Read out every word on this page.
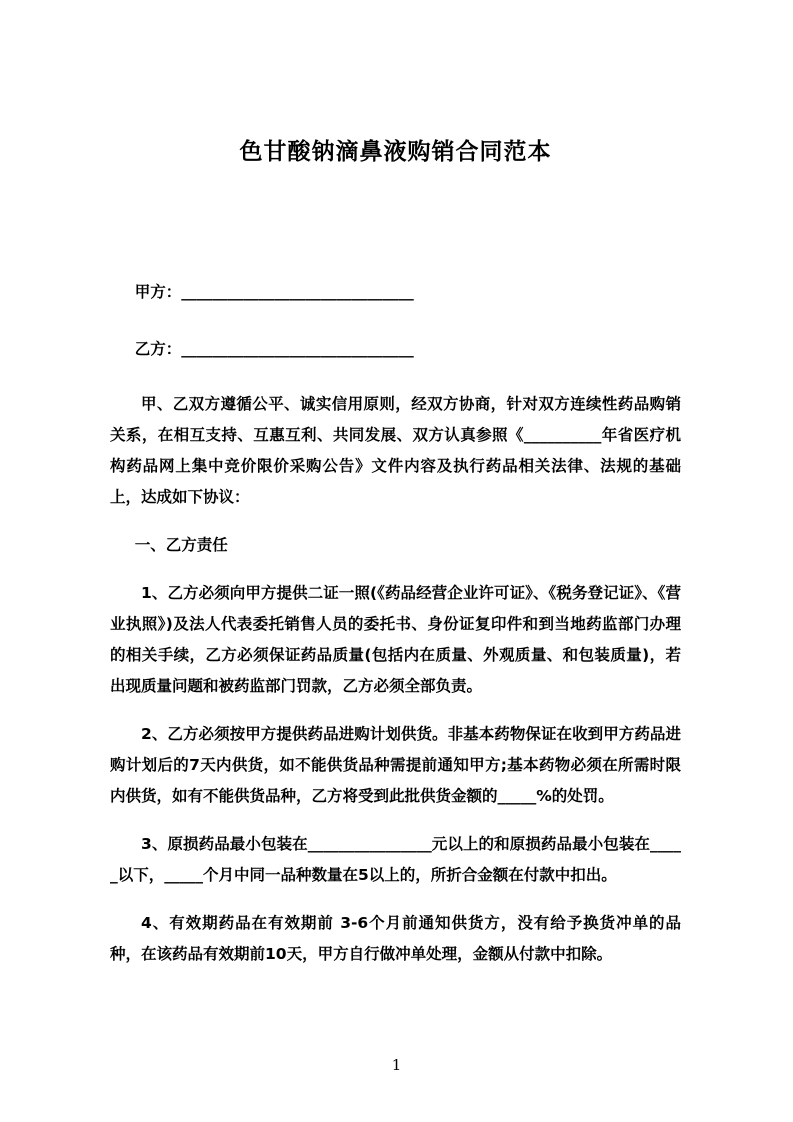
色甘酸钠滴鼻液购销合同范本

甲方：______________________________

乙方：______________________________

甲、乙双方遵循公平、诚实信用原则，经双方协商，针对双方连续性药品购销关系，在相互支持、互惠互利、共同发展、双方认真参照《__________年省医疗机构药品网上集中竞价限价采购公告》文件内容及执行药品相关法律、法规的基础上，达成如下协议：

一、乙方责任

1、乙方必须向甲方提供二证一照(《药品经营企业许可证》、《税务登记证》、《营业执照》)及法人代表委托销售人员的委托书、身份证复印件和到当地药监部门办理的相关手续，乙方必须保证药品质量(包括内在质量、外观质量、和包装质量)，若出现质量问题和被药监部门罚款，乙方必须全部负责。

2、乙方必须按甲方提供药品进购计划供货。非基本药物保证在收到甲方药品进购计划后的7天内供货，如不能供货品种需提前通知甲方;基本药物必须在所需时限内供货，如有不能供货品种，乙方将受到此批供货金额的_____%的处罚。

3、原损药品最小包装在________________元以上的和原损药品最小包装在_____以下，_____个月中同一品种数量在5以上的，所折合金额在付款中扣出。

4、有效期药品在有效期前 3-6个月前通知供货方，没有给予换货冲单的品种，在该药品有效期前10天，甲方自行做冲单处理，金额从付款中扣除。

1
